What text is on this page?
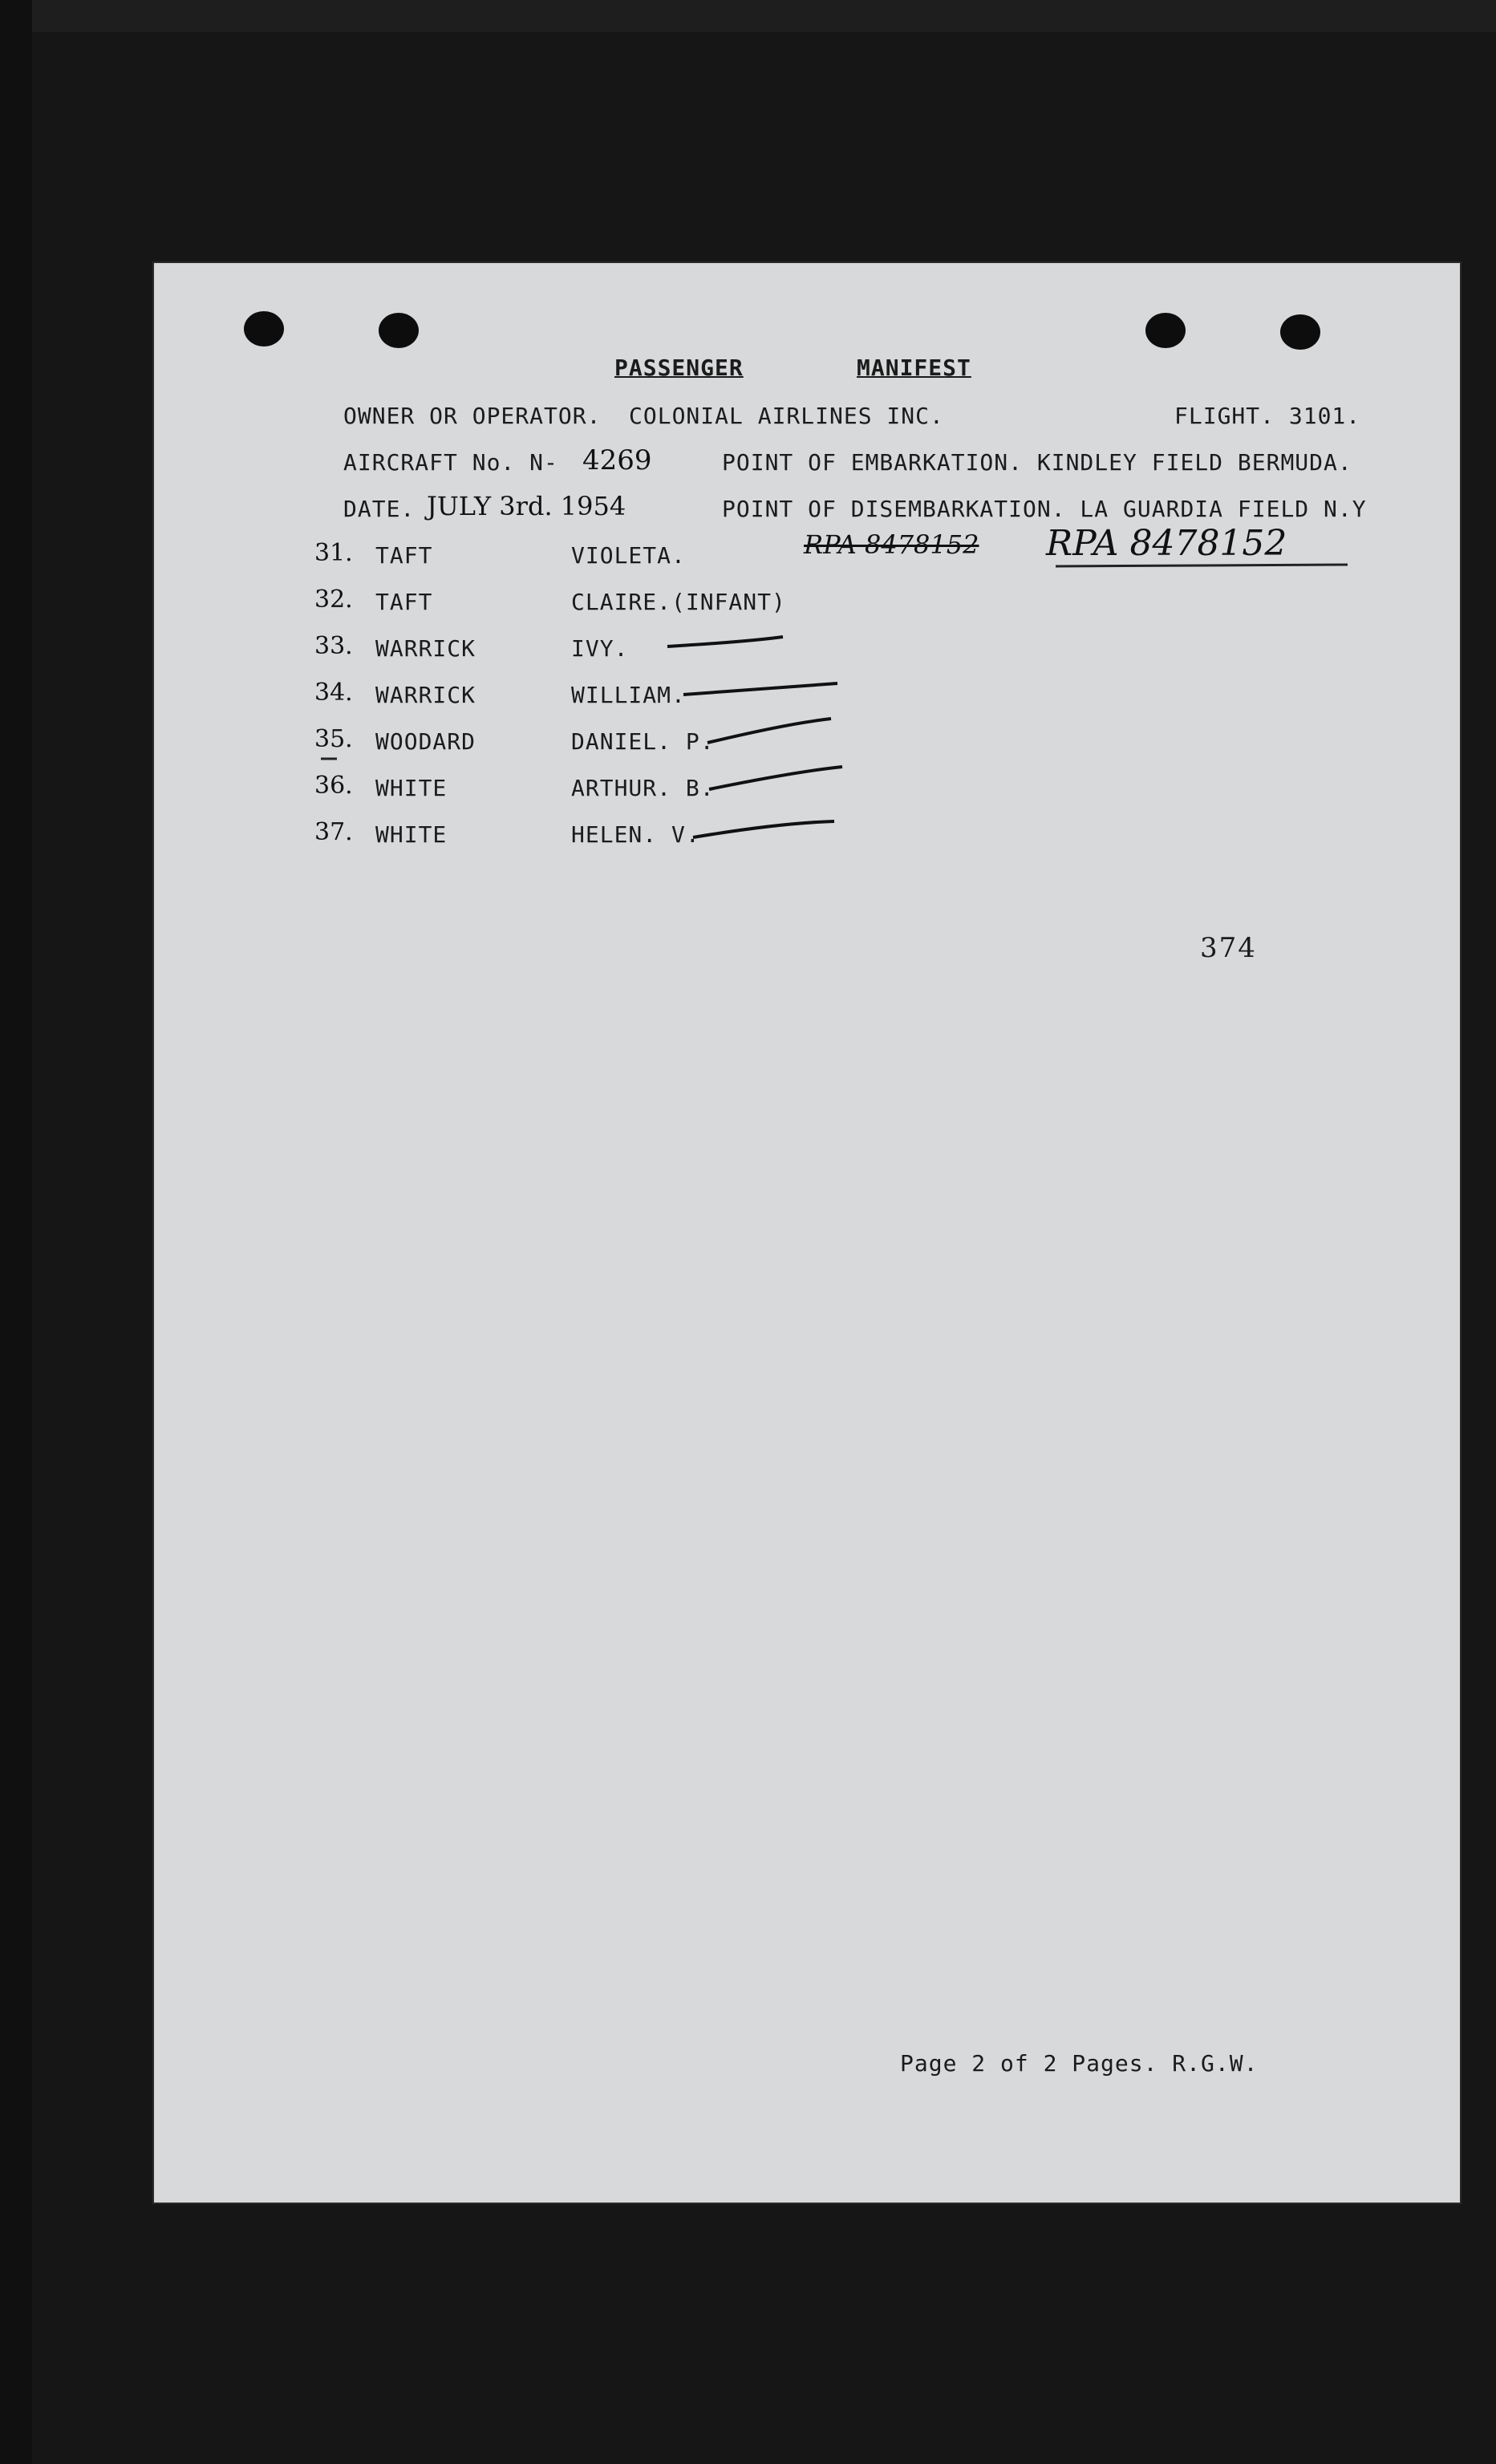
PASSENGER	MANIFEST
OWNER OR OPERATOR. COLONIAL AIRLINES INC.	FLIGHT. 3101.
AIRCRAFT No. N- 4269	POINT OF EMBARKATION. KINDLEY FIELD BERMUDA.
DATE. JULY 3rd. 1954	POINT OF DISEMBARKATION. LA GUARDIA FIELD N.Y
31. TAFT	VIOLETA.
32. TAFT	CLAIRE.(INFANT)
33. WARRICK	IVY.
34. WARRICK	WILLIAM.
35. WOODARD	DANIEL. P.
36. WHITE	ARTHUR. B.
37. WHITE	HELEN. V.
RPA 8478152 RPA 8478152
374
Page 2 of 2 Pages. R.G.W.
